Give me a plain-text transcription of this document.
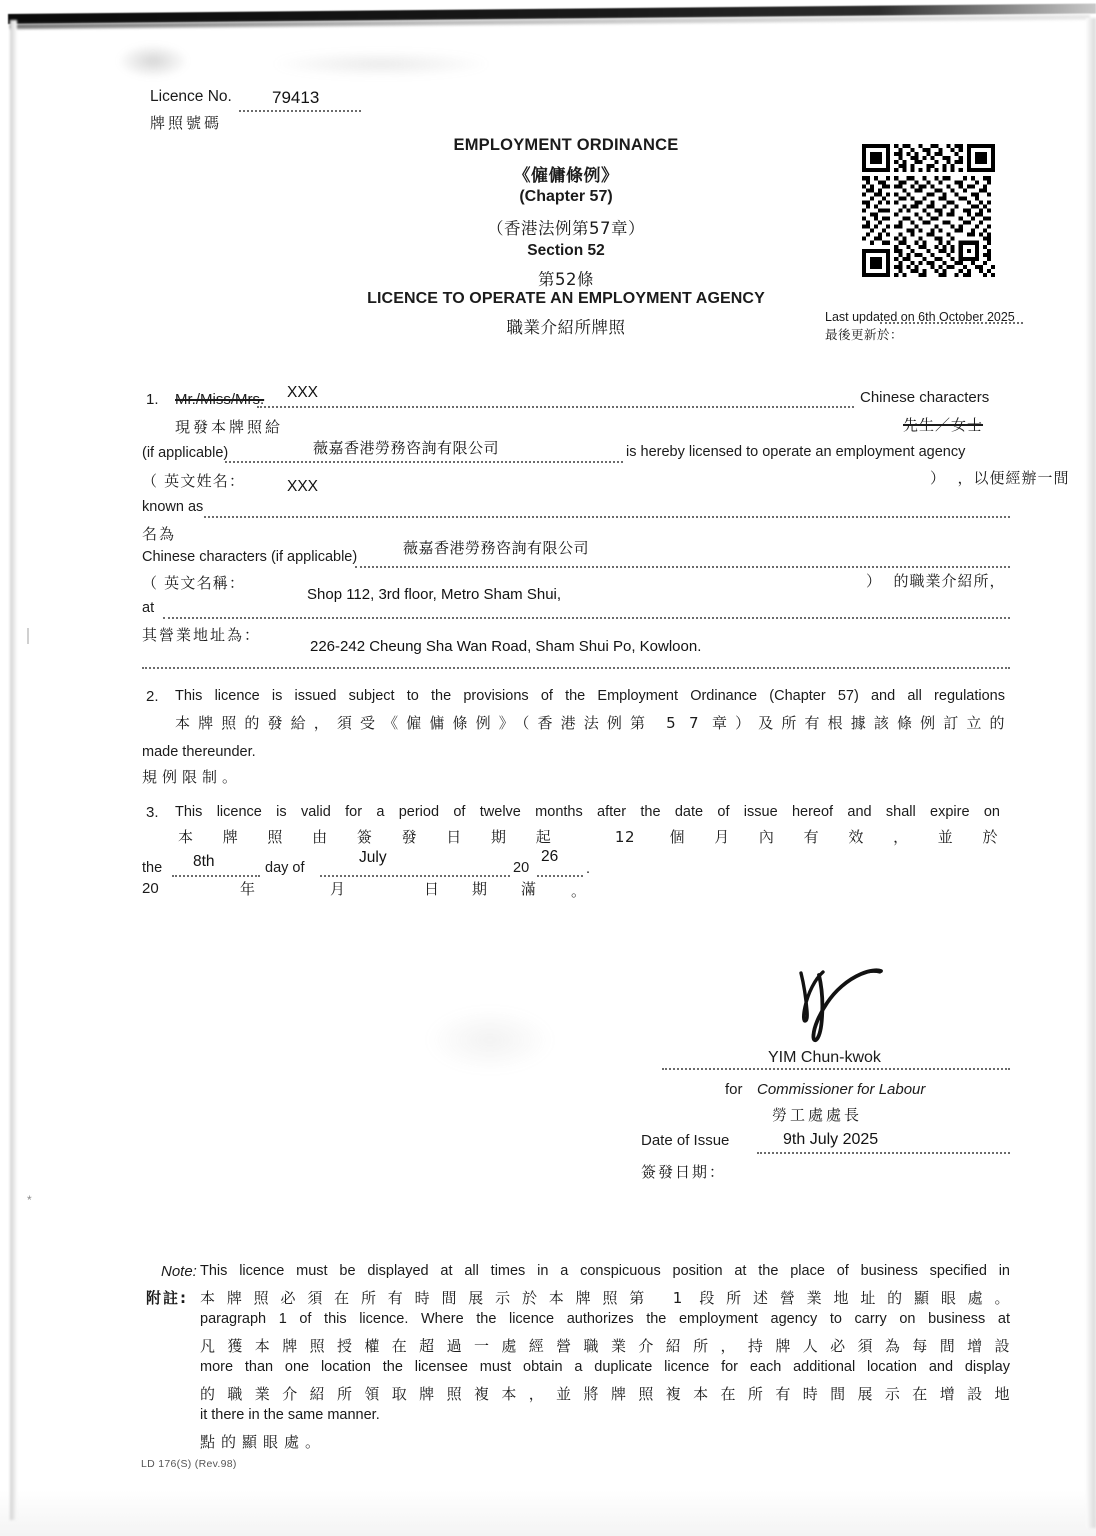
*
Licence No.
牌照號碼
79413
EMPLOYMENT ORDINANCE
《僱傭條例》
(Chapter 57)
（香港法例第57章）
Section 52
第52條
LICENCE TO OPERATE AN EMPLOYMENT AGENCY
職業介紹所牌照
Last updated on 6th October 2025
最後更新於：
1. Mr./Miss/Mrs. XXX	Chinese characters
現發本牌照給	先生／女士
(if applicable)	薇嘉香港勞務咨詢有限公司	is hereby licensed to operate an employment agency
（ 英文姓名：	XXX	）  ，以便經辦一間
known as
名為
Chinese characters (if applicable)	薇嘉香港勞務咨詢有限公司
（ 英文名稱：	）  的職業介紹所，
at
Shop 112, 3rd floor, Metro Sham Shui,
其營業地址為：
226-242 Cheung Sha Wan Road, Sham Shui Po, Kowloon.
2. This licence is issued subject to the provisions of the Employment Ordinance (Chapter 57) and all regulations
本牌照的發給，須受《僱傭條例》（香港法例第 5 7 章）及所有根據該條例訂立的
made thereunder.
規例限制。
3. This licence is valid for a period of twelve months after the date of issue hereof and shall expire on
本牌照由簽發日期起 12 個月內有效，並於
the 8th	day of
July
20
26
.
20	年	月	日 期 滿 。
YIM Chun-kwok
for Commissioner for Labour
勞工處處長
Date of Issue	9th July 2025
簽發日期：
Note:
附註:
This licence must be displayed at all times in a conspicuous position at the place of business specified in
本牌照必須在所有時間展示於本牌照第 1 段所述營業地址的顯眼處。
paragraph 1 of this licence. Where the licence authorizes the employment agency to carry on business at
凡獲本牌照授權在超過一處經營職業介紹所，持牌人必須為每間增設
more than one location the licensee must obtain a duplicate licence for each additional location and display
的職業介紹所領取牌照複本，並將牌照複本在所有時間展示在增設地
it there in the same manner.
點的顯眼處。
LD 176(S) (Rev.98)
